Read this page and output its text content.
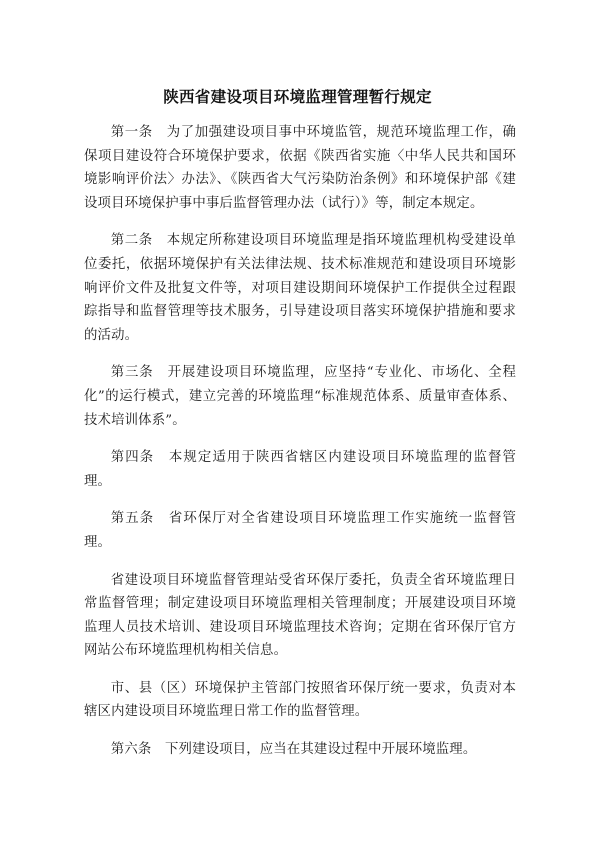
陕西省建设项目环境监理管理暂行规定

第一条　为了加强建设项目事中环境监管，规范环境监理工作，确保项目建设符合环境保护要求，依据《陕西省实施〈中华人民共和国环境影响评价法〉办法》、《陕西省大气污染防治条例》和环境保护部《建设项目环境保护事中事后监督管理办法（试行）》等，制定本规定。

第二条　本规定所称建设项目环境监理是指环境监理机构受建设单位委托，依据环境保护有关法律法规、技术标准规范和建设项目环境影响评价文件及批复文件等，对项目建设期间环境保护工作提供全过程跟踪指导和监督管理等技术服务，引导建设项目落实环境保护措施和要求的活动。

第三条　开展建设项目环境监理，应坚持“专业化、市场化、全程化”的运行模式，建立完善的环境监理“标准规范体系、质量审查体系、技术培训体系”。

第四条　本规定适用于陕西省辖区内建设项目环境监理的监督管理。

第五条　省环保厅对全省建设项目环境监理工作实施统一监督管理。

省建设项目环境监督管理站受省环保厅委托，负责全省环境监理日常监督管理；制定建设项目环境监理相关管理制度；开展建设项目环境监理人员技术培训、建设项目环境监理技术咨询；定期在省环保厅官方网站公布环境监理机构相关信息。

市、县（区）环境保护主管部门按照省环保厅统一要求，负责对本辖区内建设项目环境监理日常工作的监督管理。

第六条　下列建设项目，应当在其建设过程中开展环境监理。
